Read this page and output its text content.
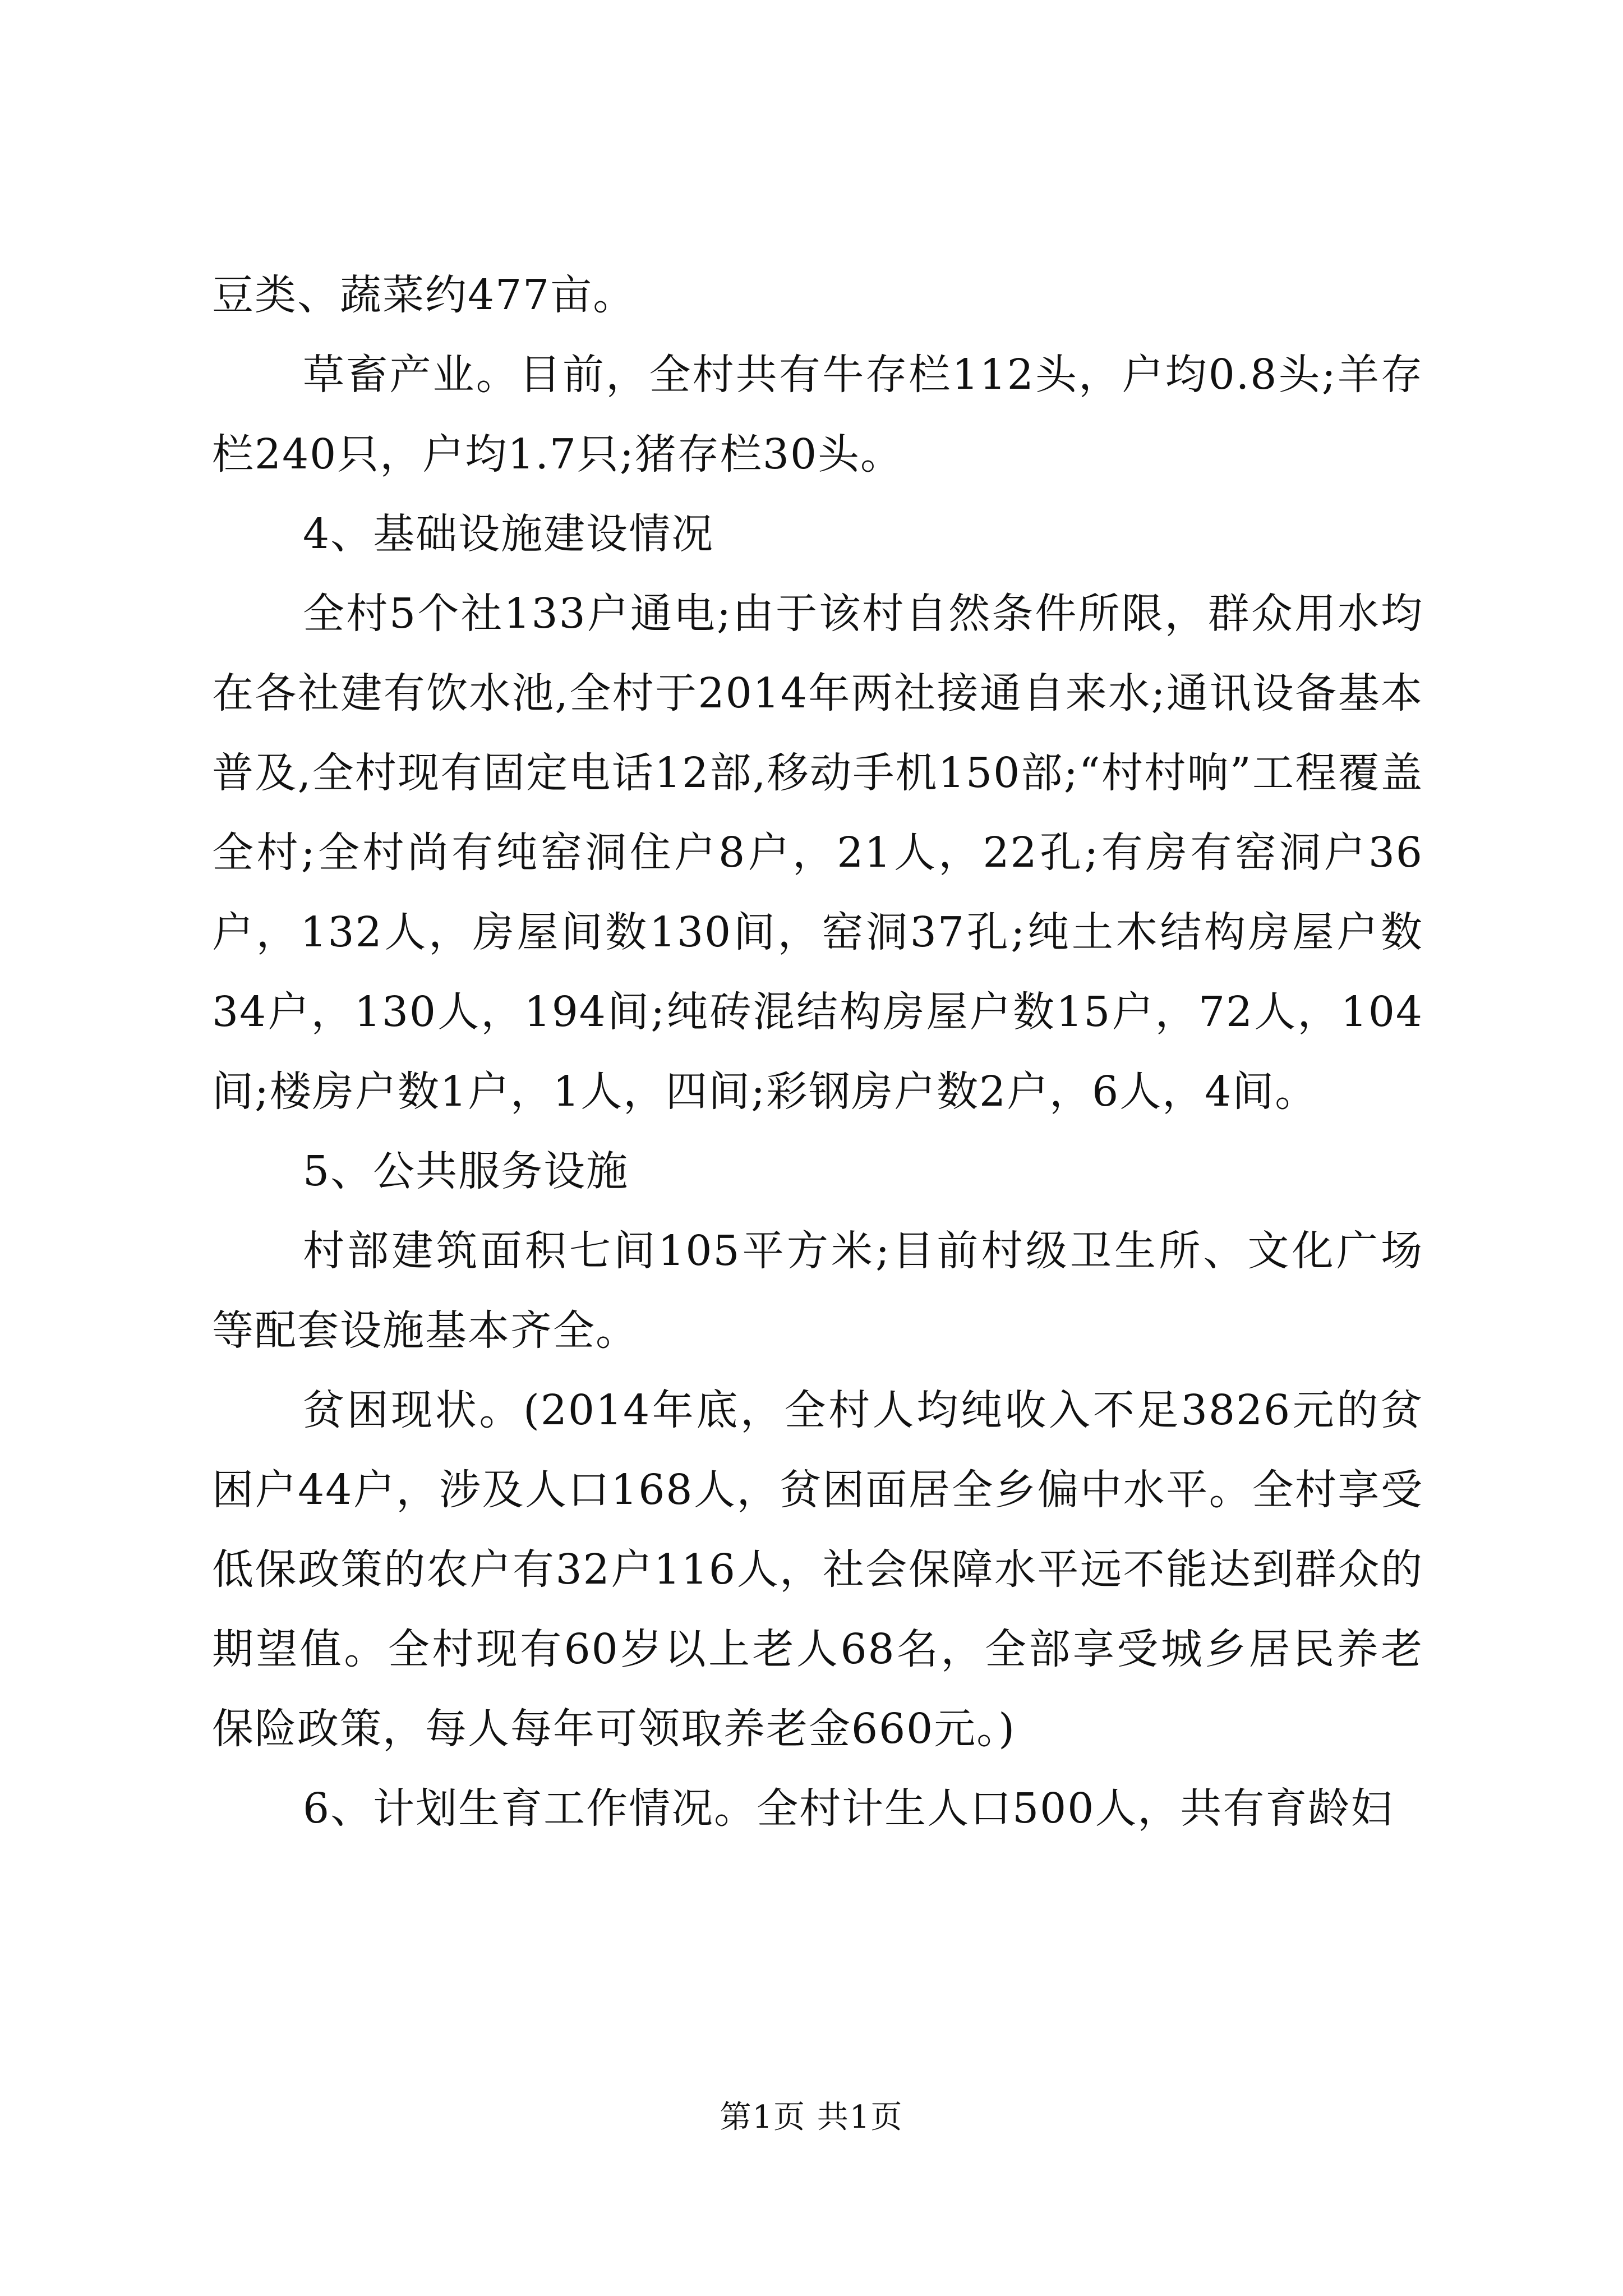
豆类、蔬菜约477亩。

草畜产业。目前，全村共有牛存栏112头，户均0.8头;羊存栏240只，户均1.7只;猪存栏30头。

4、基础设施建设情况

全村5个社133户通电;由于该村自然条件所限，群众用水均在各社建有饮水池,全村于2014年两社接通自来水;通讯设备基本普及,全村现有固定电话12部,移动手机150部;“村村响”工程覆盖全村;全村尚有纯窑洞住户8户，21人，22孔;有房有窑洞户36户，132人，房屋间数130间，窑洞37孔;纯土木结构房屋户数34户，130人，194间;纯砖混结构房屋户数15户，72人，104间;楼房户数1户，1人，四间;彩钢房户数2户，6人，4间。

5、公共服务设施

村部建筑面积七间105平方米;目前村级卫生所、文化广场等配套设施基本齐全。

贫困现状。(2014年底，全村人均纯收入不足3826元的贫困户44户，涉及人口168人，贫困面居全乡偏中水平。全村享受低保政策的农户有32户116人，社会保障水平远不能达到群众的期望值。全村现有60岁以上老人68名，全部享受城乡居民养老保险政策，每人每年可领取养老金660元。)

6、计划生育工作情况。全村计生人口500人，共有育龄妇

第1页 共1页
